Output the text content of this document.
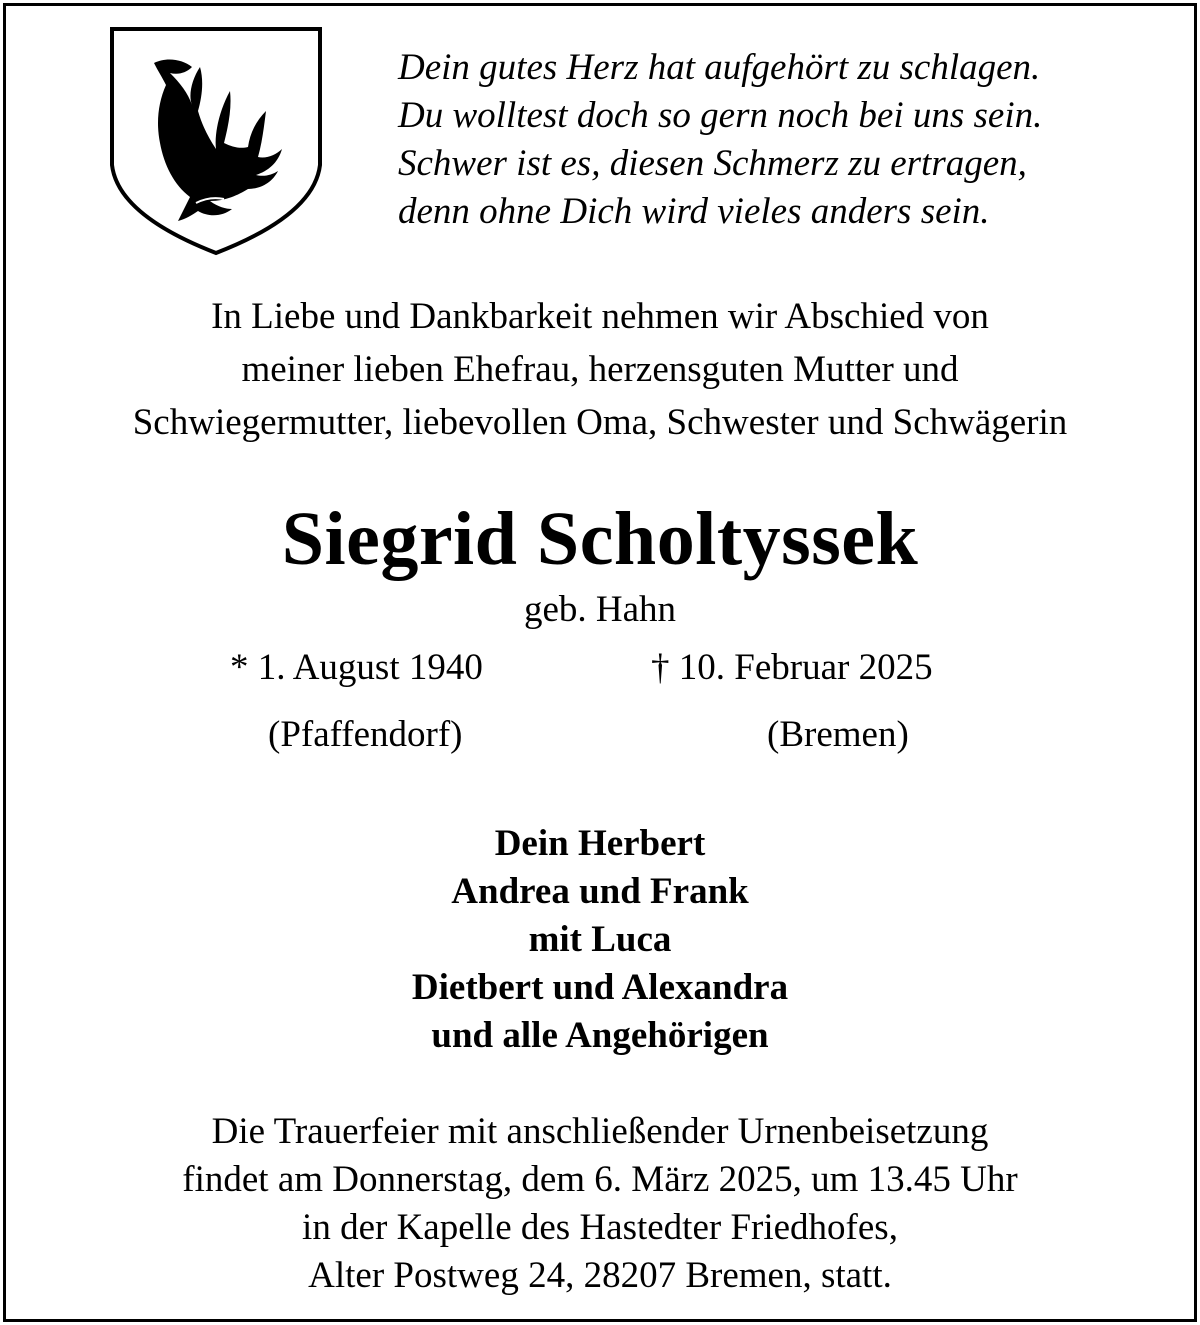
Dein gutes Herz hat aufgehört zu schlagen.
Du wolltest doch so gern noch bei uns sein.
Schwer ist es, diesen Schmerz zu ertragen,
denn ohne Dich wird vieles anders sein.
In Liebe und Dankbarkeit nehmen wir Abschied von
meiner lieben Ehefrau, herzensguten Mutter und
Schwiegermutter, liebevollen Oma, Schwester und Schwägerin
Siegrid Scholtyssek
geb. Hahn
* 1. August 1940	† 10. Februar 2025
(Pfaffendorf)	(Bremen)
Dein Herbert
Andrea und Frank
mit Luca
Dietbert und Alexandra
und alle Angehörigen
Die Trauerfeier mit anschließender Urnenbeisetzung
findet am Donnerstag, dem 6. März 2025, um 13.45 Uhr
in der Kapelle des Hastedter Friedhofes,
Alter Postweg 24, 28207 Bremen, statt.
